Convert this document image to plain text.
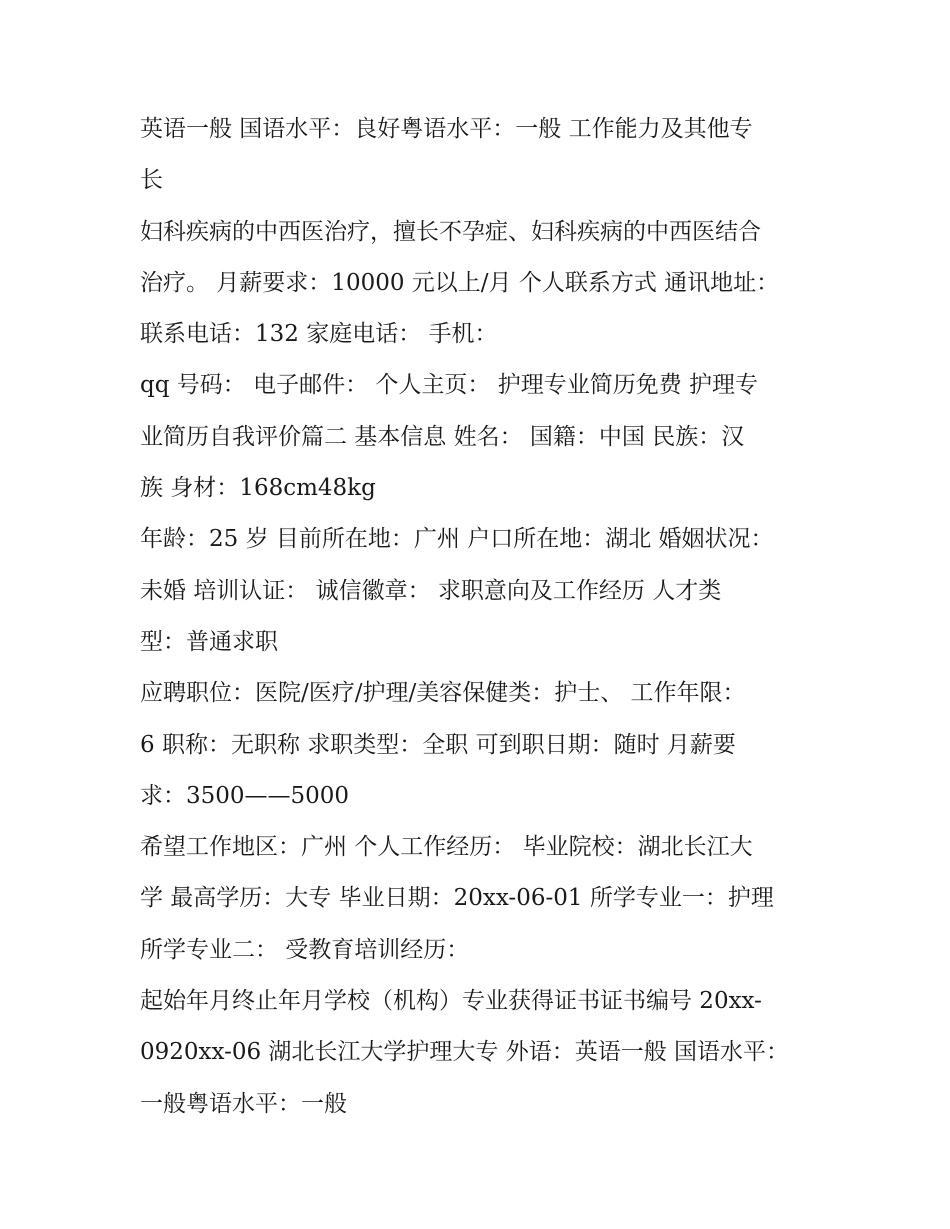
英语一般 国语水平：良好粤语水平：一般 工作能力及其他专
长
妇科疾病的中西医治疗，擅长不孕症、妇科疾病的中西医结合
治疗。 月薪要求：10000 元以上/月 个人联系方式 通讯地址：
联系电话：132 家庭电话： 手机：
qq 号码： 电子邮件： 个人主页： 护理专业简历免费 护理专
业简历自我评价篇二 基本信息 姓名： 国籍：中国 民族：汉
族 身材：168cm48kg
年龄：25 岁 目前所在地：广州 户口所在地：湖北 婚姻状况：
未婚 培训认证： 诚信徽章： 求职意向及工作经历 人才类
型：普通求职
应聘职位：医院/医疗/护理/美容保健类：护士、 工作年限：
6 职称：无职称 求职类型：全职 可到职日期：随时 月薪要
求：3500——5000
希望工作地区：广州 个人工作经历： 毕业院校：湖北长江大
学 最高学历：大专 毕业日期：20xx-06-01 所学专业一：护理
所学专业二： 受教育培训经历：
起始年月终止年月学校（机构）专业获得证书证书编号 20xx-
0920xx-06 湖北长江大学护理大专 外语：英语一般 国语水平：
一般粤语水平：一般
